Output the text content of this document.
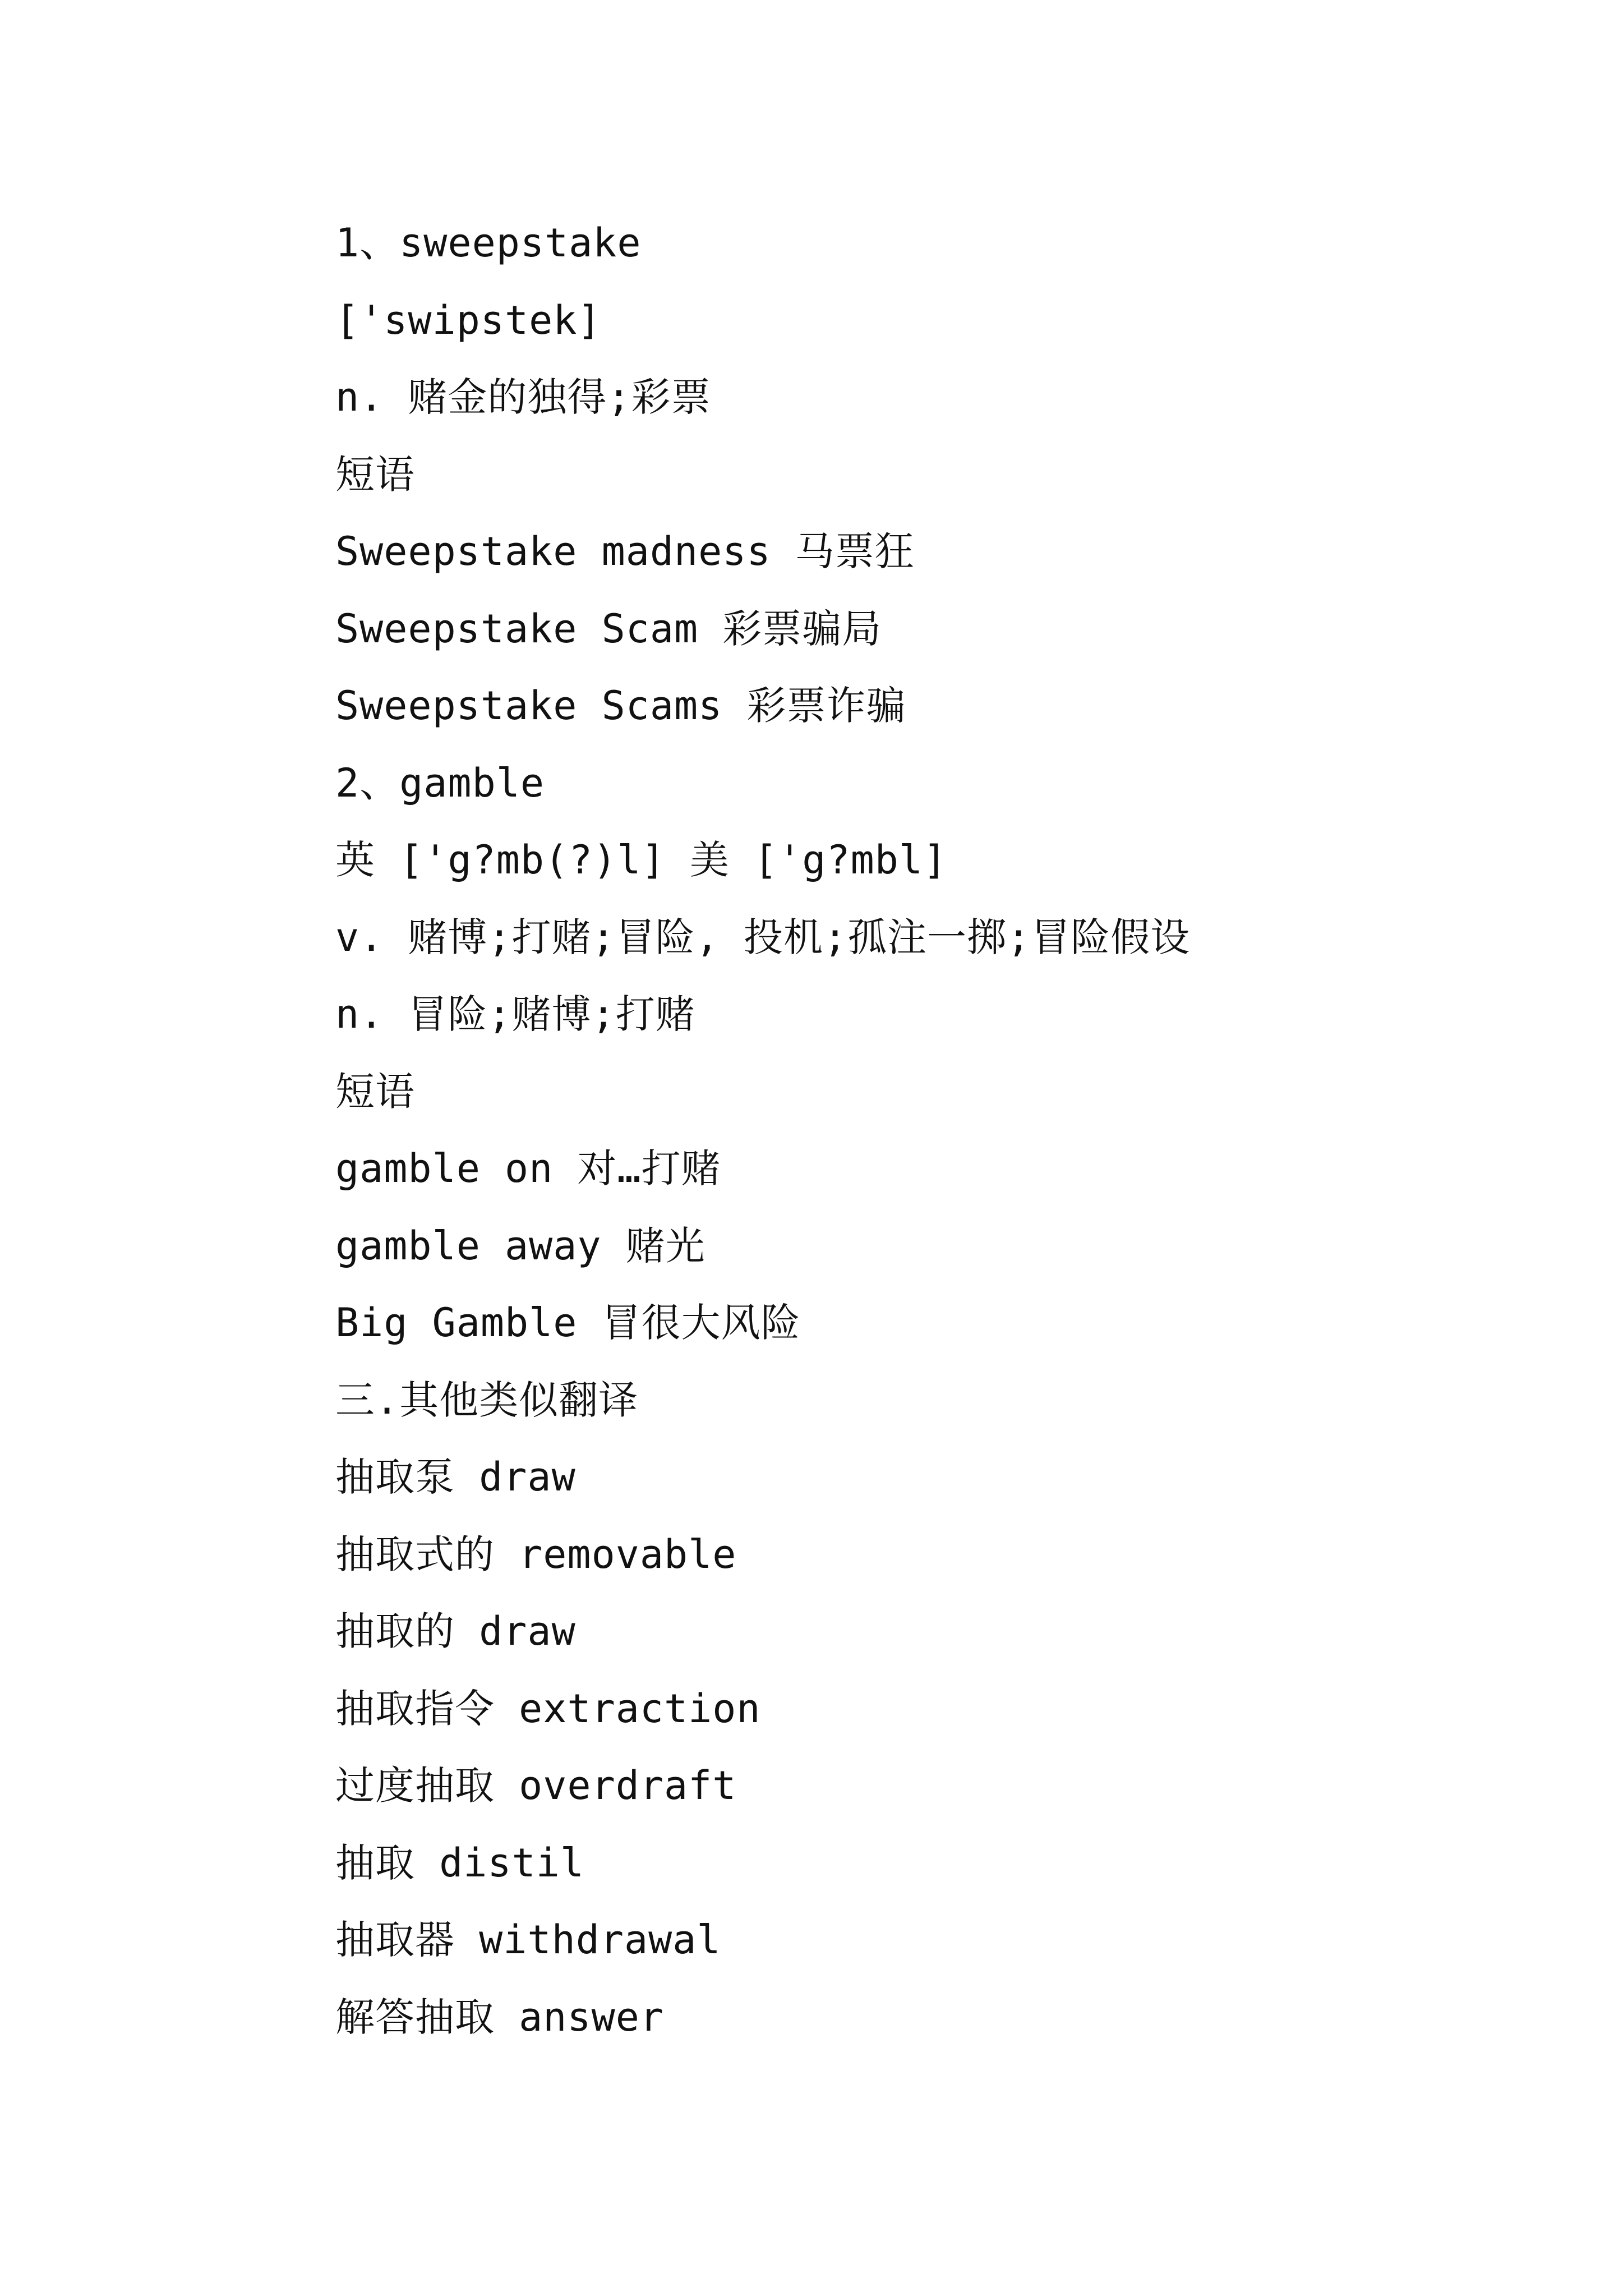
1、sweepstake
['swipstek]
n. 赌金的独得;彩票
短语
Sweepstake madness 马票狂
Sweepstake Scam 彩票骗局
Sweepstake Scams 彩票诈骗
2、gamble
英 ['g?mb(?)l] 美 ['g?mbl]
v. 赌博;打赌;冒险, 投机;孤注一掷;冒险假设
n. 冒险;赌博;打赌
短语
gamble on 对…打赌
gamble away 赌光
Big Gamble 冒很大风险
三.其他类似翻译
抽取泵 draw
抽取式的 removable
抽取的 draw
抽取指令 extraction
过度抽取 overdraft
抽取 distil
抽取器 withdrawal
解答抽取 answer
